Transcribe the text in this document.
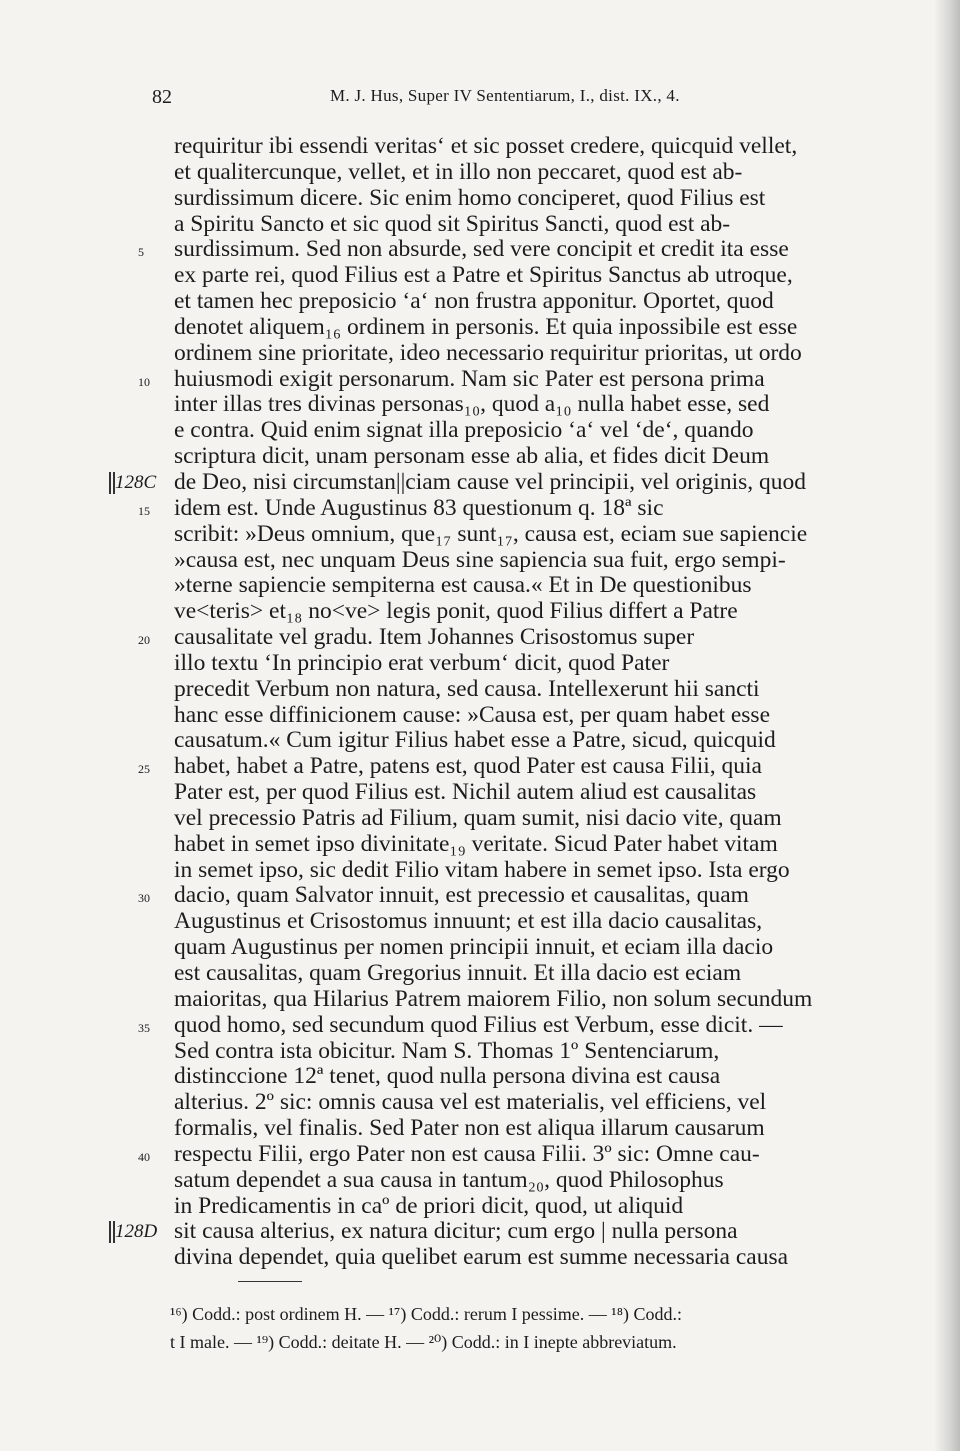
82	M. J. Hus, Super IV Sententiarum, I., dist. IX., 4.
requiritur ibi essendi veritas‘ et sic posset credere, quicquid vellet,
et qualitercunque, vellet, et in illo non peccaret, quod est ab-
surdissimum dicere. Sic enim homo conciperet, quod Filius est
a Spiritu Sancto et sic quod sit Spiritus Sancti, quod est ab-
5 surdissimum. Sed non absurde, sed vere concipit et credit ita esse
ex parte rei, quod Filius est a Patre et Spiritus Sanctus ab utroque,
et tamen hec preposicio ‘a‘ non frustra apponitur. Oportet, quod
denotet aliquem₁₆ ordinem in personis. Et quia inpossibile est esse
ordinem sine prioritate, ideo necessario requiritur prioritas, ut ordo
10 huiusmodi exigit personarum. Nam sic Pater est persona prima
inter illas tres divinas personas₁₀, quod a₁₀ nulla habet esse, sed
e contra. Quid enim signat illa preposicio ‘a‘ vel ‘de‘, quando
scriptura dicit, unam personam esse ab alia, et fides dicit Deum
128C de Deo, nisi circumstan||ciam cause vel principii, vel originis, quod
15 idem est. Unde Augustinus 83 questionum q. 18ª sic
scribit: »Deus omnium, que₁₇ sunt₁₇, causa est, eciam sue sapiencie
»causa est, nec unquam Deus sine sapiencia sua fuit, ergo sempi-
»terne sapiencie sempiterna est causa.« Et in De questionibus
ve<teris> et₁₈ no<ve> legis ponit, quod Filius differt a Patre
20 causalitate vel gradu. Item Johannes Crisostomus super
illo textu ‘In principio erat verbum‘ dicit, quod Pater
precedit Verbum non natura, sed causa. Intellexerunt hii sancti
hanc esse diffinicionem cause: »Causa est, per quam habet esse
causatum.« Cum igitur Filius habet esse a Patre, sicud, quicquid
25 habet, habet a Patre, patens est, quod Pater est causa Filii, quia
Pater est, per quod Filius est. Nichil autem aliud est causalitas
vel precessio Patris ad Filium, quam sumit, nisi dacio vite, quam
habet in semet ipso divinitate₁₉ veritate. Sicud Pater habet vitam
in semet ipso, sic dedit Filio vitam habere in semet ipso. Ista ergo
30 dacio, quam Salvator innuit, est precessio et causalitas, quam
Augustinus et Crisostomus innuunt; et est illa dacio causalitas,
quam Augustinus per nomen principii innuit, et eciam illa dacio
est causalitas, quam Gregorius innuit. Et illa dacio est eciam
maioritas, qua Hilarius Patrem maiorem Filio, non solum secundum
35 quod homo, sed secundum quod Filius est Verbum, esse dicit. —
Sed contra ista obicitur. Nam S. Thomas 1º Sentenciarum,
distinccione 12ª tenet, quod nulla persona divina est causa
alterius. 2º sic: omnis causa vel est materialis, vel efficiens, vel
formalis, vel finalis. Sed Pater non est aliqua illarum causarum
40 respectu Filii, ergo Pater non est causa Filii. 3º sic: Omne cau-
satum dependet a sua causa in tantum₂₀, quod Philosophus
in Predicamentis in caº de priori dicit, quod, ut aliquid
128D sit causa alterius, ex natura dicitur; cum ergo | nulla persona
divina dependet, quia quelibet earum est summe necessaria causa
¹⁶) Codd.: post ordinem H. — ¹⁷) Codd.: rerum I pessime. — ¹⁸) Codd.:
t I male. — ¹⁹) Codd.: deitate H. — ²⁰) Codd.: in I inepte abbreviatum.
